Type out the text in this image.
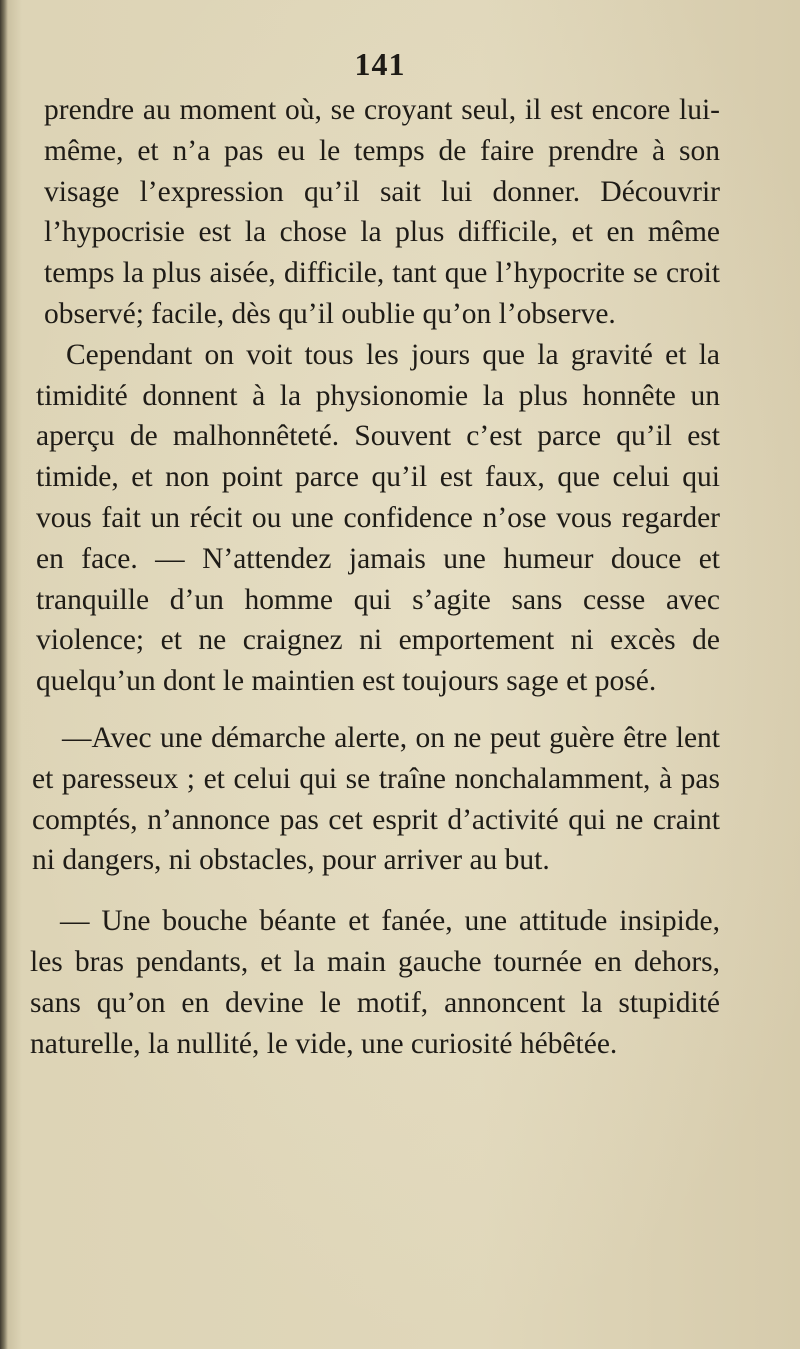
141

prendre au moment où, se croyant seul, il est encore lui-même, et n’a pas eu le temps de faire prendre à son visage l’expression qu’il sait lui donner. Découvrir l’hypocrisie est la chose la plus difficile, et en même temps la plus aisée, difficile, tant que l’hypocrite se croit observé; facile, dès qu’il oublie qu’on l’observe.

Cependant on voit tous les jours que la gravité et la timidité donnent à la physionomie la plus honnête un aperçu de malhonnêteté. Souvent c’est parce qu’il est timide, et non point parce qu’il est faux, que celui qui vous fait un récit ou une confidence n’ose vous regarder en face. — N’attendez jamais une humeur douce et tranquille d’un homme qui s’agite sans cesse avec violence; et ne craignez ni emportement ni excès de quelqu’un dont le maintien est toujours sage et posé.

—Avec une démarche alerte, on ne peut guère être lent et paresseux ; et celui qui se traîne nonchalamment, à pas comptés, n’annonce pas cet esprit d’activité qui ne craint ni dangers, ni obstacles, pour arriver au but.

— Une bouche béante et fanée, une attitude insipide, les bras pendants, et la main gauche tournée en dehors, sans qu’on en devine le motif, annoncent la stupidité naturelle, la nullité, le vide, une curiosité hébêtée.
